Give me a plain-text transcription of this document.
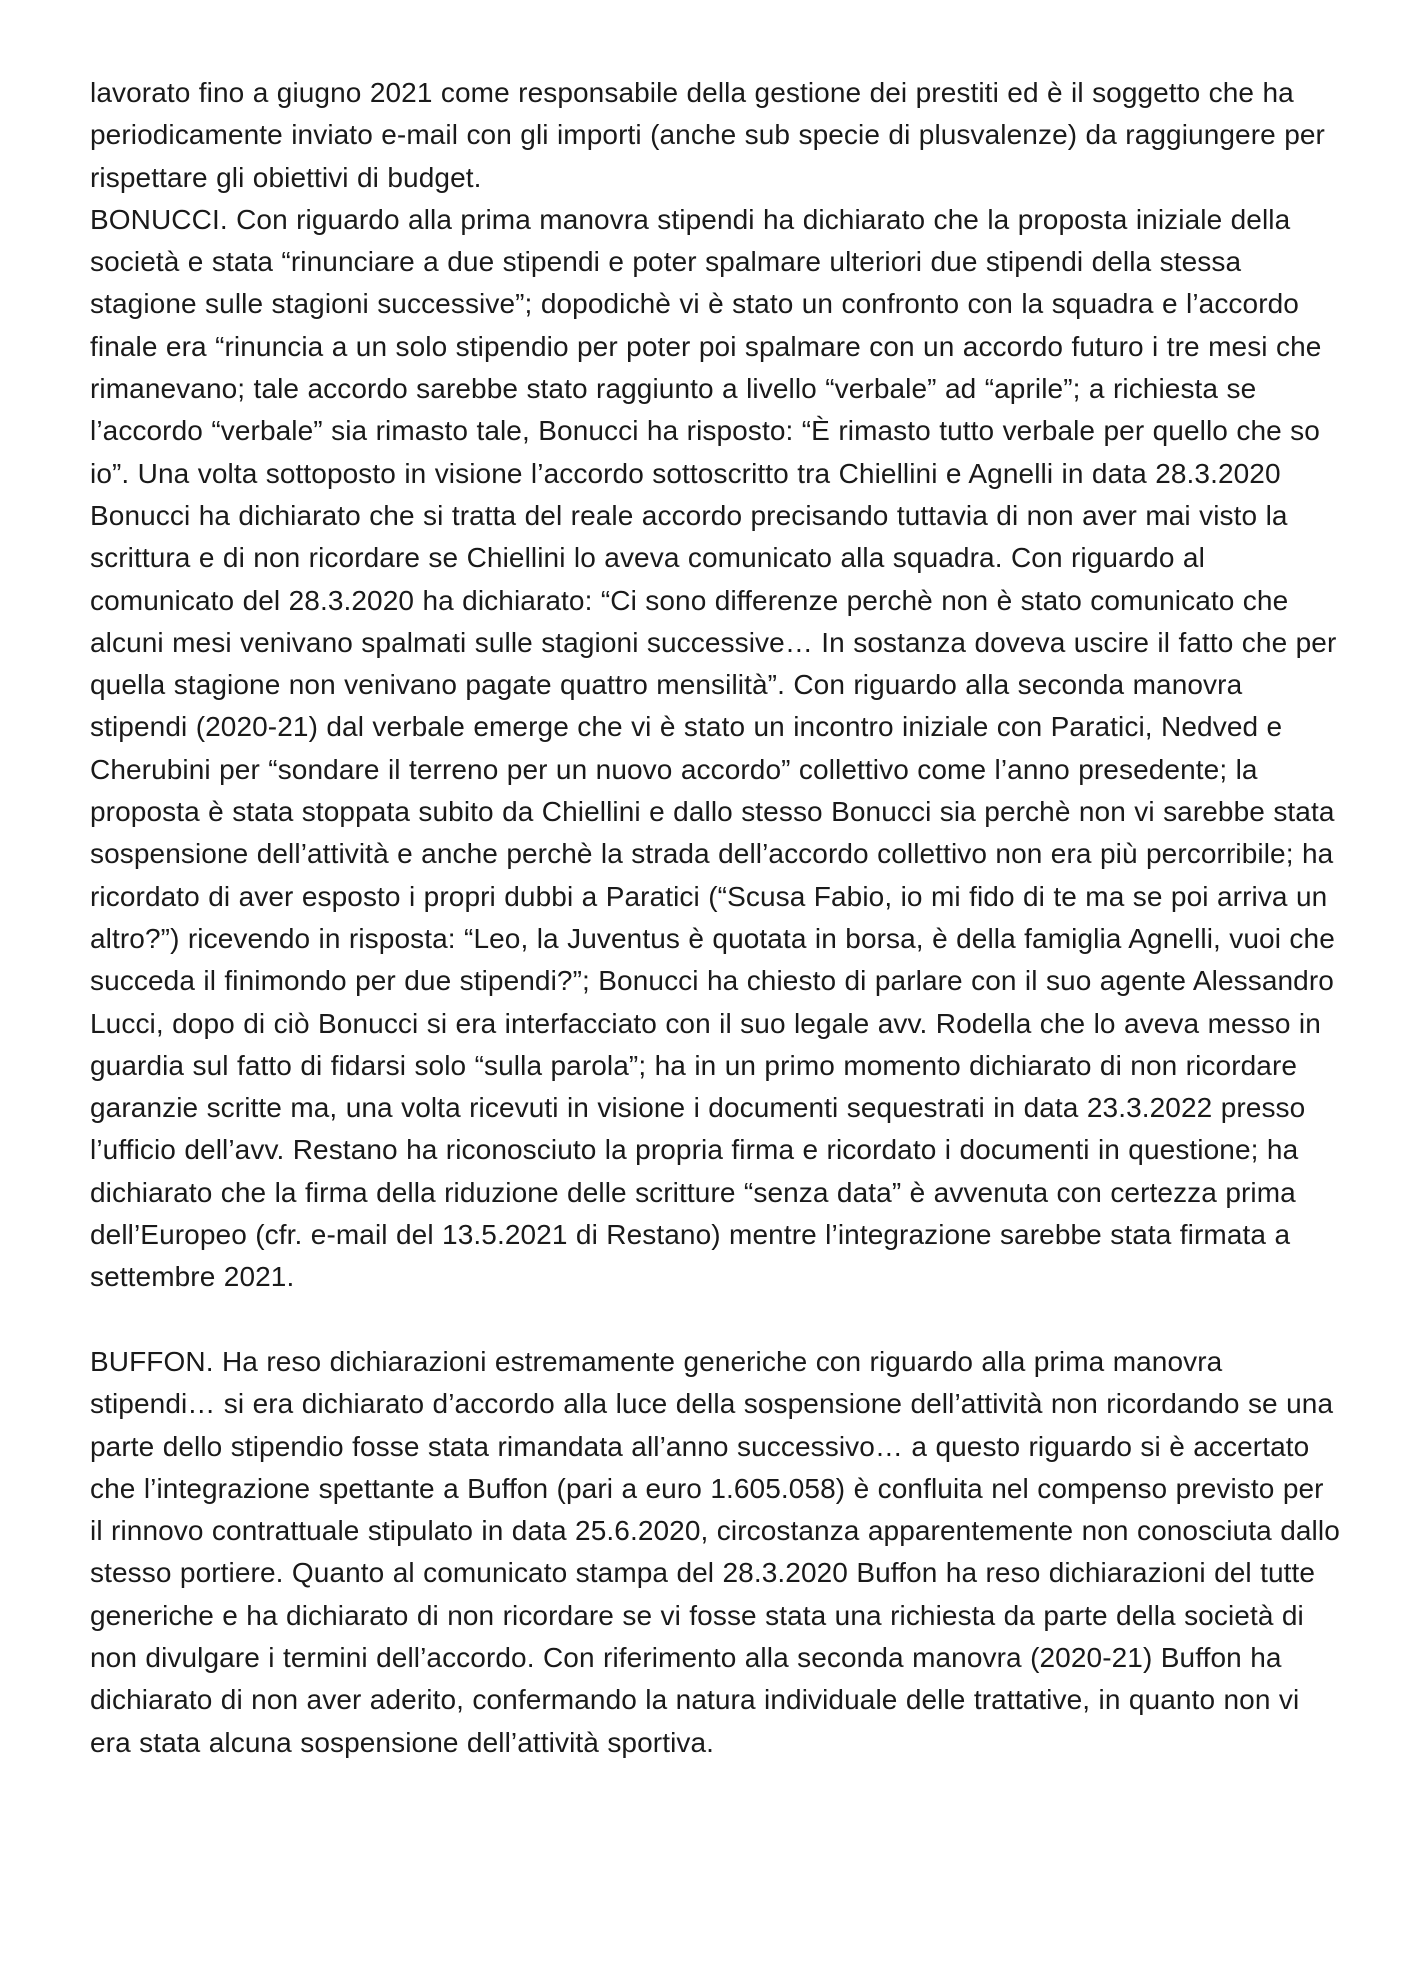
lavorato fino a giugno 2021 come responsabile della gestione dei prestiti ed è il soggetto che ha periodicamente inviato e-mail con gli importi (anche sub specie di plusvalenze) da raggiungere per rispettare gli obiettivi di budget.

BONUCCI. Con riguardo alla prima manovra stipendi ha dichiarato che la proposta iniziale della società e stata “rinunciare a due stipendi e poter spalmare ulteriori due stipendi della stessa stagione sulle stagioni successive”; dopodichè vi è stato un confronto con la squadra e l’accordo finale era “rinuncia a un solo stipendio per poter poi spalmare con un accordo futuro i tre mesi che rimanevano; tale accordo sarebbe stato raggiunto a livello “verbale” ad “aprile”; a richiesta se l’accordo “verbale” sia rimasto tale, Bonucci ha risposto: “È rimasto tutto verbale per quello che so io”. Una volta sottoposto in visione l’accordo sottoscritto tra Chiellini e Agnelli in data 28.3.2020 Bonucci ha dichiarato che si tratta del reale accordo precisando tuttavia di non aver mai visto la scrittura e di non ricordare se Chiellini lo aveva comunicato alla squadra. Con riguardo al comunicato del 28.3.2020 ha dichiarato: “Ci sono differenze perchè non è stato comunicato che alcuni mesi venivano spalmati sulle stagioni successive… In sostanza doveva uscire il fatto che per quella stagione non venivano pagate quattro mensilità”. Con riguardo alla seconda manovra stipendi (2020-21) dal verbale emerge che vi è stato un incontro iniziale con Paratici, Nedved e Cherubini per “sondare il terreno per un nuovo accordo” collettivo come l’anno presedente; la proposta è stata stoppata subito da Chiellini e dallo stesso Bonucci sia perchè non vi sarebbe stata sospensione dell’attività e anche perchè la strada dell’accordo collettivo non era più percorribile; ha ricordato di aver esposto i propri dubbi a Paratici (“Scusa Fabio, io mi fido di te ma se poi arriva un altro?”) ricevendo in risposta: “Leo, la Juventus è quotata in borsa, è della famiglia Agnelli, vuoi che succeda il finimondo per due stipendi?”; Bonucci ha chiesto di parlare con il suo agente Alessandro Lucci, dopo di ciò Bonucci si era interfacciato con il suo legale avv. Rodella che lo aveva messo in guardia sul fatto di fidarsi solo “sulla parola”; ha in un primo momento dichiarato di non ricordare garanzie scritte ma, una volta ricevuti in visione i documenti sequestrati in data 23.3.2022 presso l’ufficio dell’avv. Restano ha riconosciuto la propria firma e ricordato i documenti in questione; ha dichiarato che la firma della riduzione delle scritture “senza data” è avvenuta con certezza prima dell’Europeo (cfr. e-mail del 13.5.2021 di Restano) mentre l’integrazione sarebbe stata firmata a settembre 2021.

BUFFON. Ha reso dichiarazioni estremamente generiche con riguardo alla prima manovra stipendi… si era dichiarato d’accordo alla luce della sospensione dell’attività non ricordando se una parte dello stipendio fosse stata rimandata all’anno successivo… a questo riguardo si è accertato che l’integrazione spettante a Buffon (pari a euro 1.605.058) è confluita nel compenso previsto per il rinnovo contrattuale stipulato in data 25.6.2020, circostanza apparentemente non conosciuta dallo stesso portiere. Quanto al comunicato stampa del 28.3.2020 Buffon ha reso dichiarazioni del tutte generiche e ha dichiarato di non ricordare se vi fosse stata una richiesta da parte della società di non divulgare i termini dell’accordo. Con riferimento alla seconda manovra (2020-21) Buffon ha dichiarato di non aver aderito, confermando la natura individuale delle trattative, in quanto non vi era stata alcuna sospensione dell’attività sportiva.
